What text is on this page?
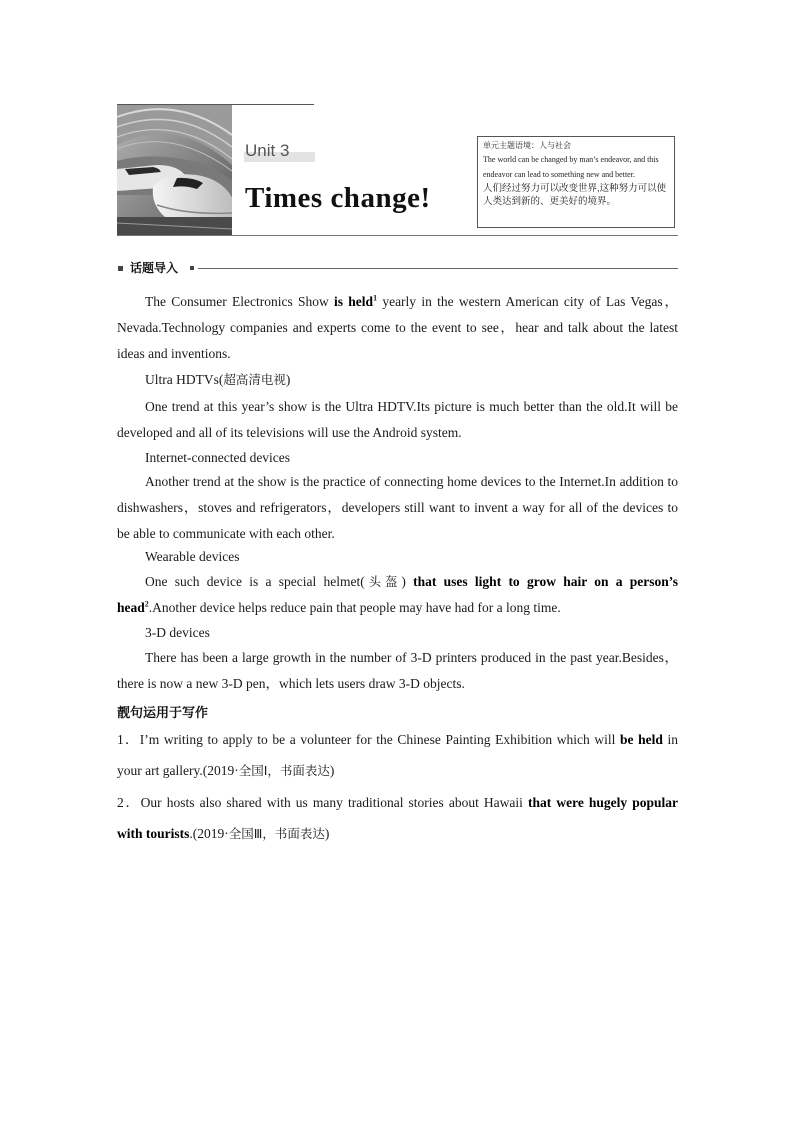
Unit 3
Times change!
单元主题语境：人与社会
The world can be changed by man’s endeavor, and this endeavor can lead to something new and better.
人们经过努力可以改变世界,这种努力可以使人类达到新的、更美好的境界。
话题导入
The Consumer Electronics Show is held$^1$ yearly in the western American city of Las Vegas，Nevada.Technology companies and experts come to the event to see，hear and talk about the latest ideas and inventions.
Ultra HDTVs(超高清电视)
One trend at this year’s show is the Ultra HDTV.Its picture is much better than the old.It will be developed and all of its televisions will use the Android system.
Internet-connected devices
Another trend at the show is the practice of connecting home devices to the Internet.In addition to dishwashers，stoves and refrigerators，developers still want to invent a way for all of the devices to be able to communicate with each other.
Wearable devices
One such device is a special helmet(头盔) that uses light to grow hair on a person’s head$^2$.Another device helps reduce pain that people may have had for a long time.
3-D devices
There has been a large growth in the number of 3-D printers produced in the past year.Besides，there is now a new 3-D pen，which lets users draw 3-D objects.
靓句运用于写作
1．I’m writing to apply to be a volunteer for the Chinese Painting Exhibition which will be held in your art gallery.(2019·全国Ⅰ，书面表达)
2．Our hosts also shared with us many traditional stories about Hawaii that were hugely popular with tourists.(2019·全国Ⅲ，书面表达)
